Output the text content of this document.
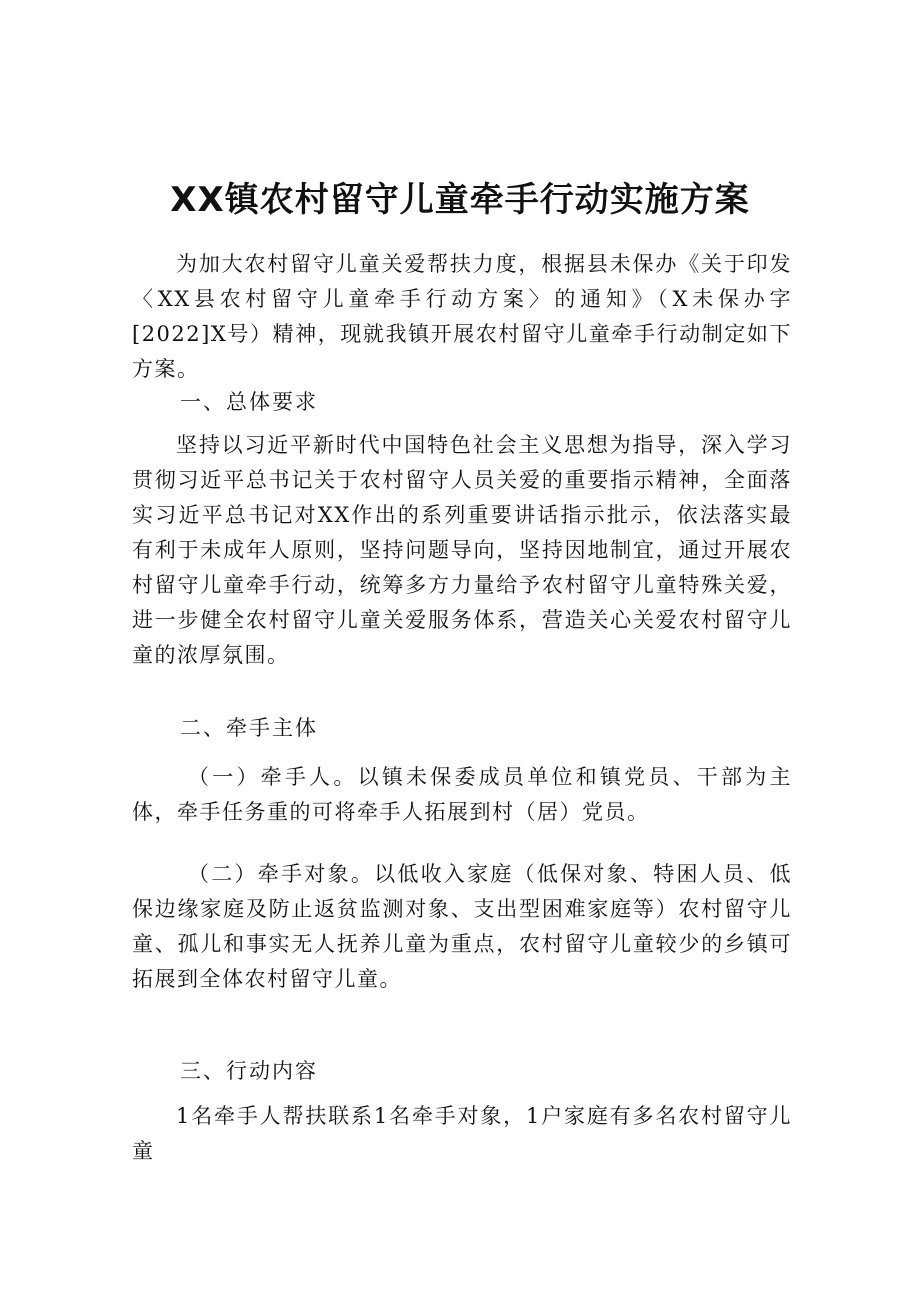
XX镇农村留守儿童牵手行动实施方案

为加大农村留守儿童关爱帮扶力度，根据县未保办《关于印发〈XX县农村留守儿童牵手行动方案〉的通知》（X未保办字[2022]X号）精神，现就我镇开展农村留守儿童牵手行动制定如下方案。

一、总体要求

坚持以习近平新时代中国特色社会主义思想为指导，深入学习贯彻习近平总书记关于农村留守人员关爱的重要指示精神，全面落实习近平总书记对XX作出的系列重要讲话指示批示，依法落实最有利于未成年人原则，坚持问题导向，坚持因地制宜，通过开展农村留守儿童牵手行动，统筹多方力量给予农村留守儿童特殊关爱，进一步健全农村留守儿童关爱服务体系，营造关心关爱农村留守儿童的浓厚氛围。

二、牵手主体

（一）牵手人。以镇未保委成员单位和镇党员、干部为主体，牵手任务重的可将牵手人拓展到村（居）党员。

（二）牵手对象。以低收入家庭（低保对象、特困人员、低保边缘家庭及防止返贫监测对象、支出型困难家庭等）农村留守儿童、孤儿和事实无人抚养儿童为重点，农村留守儿童较少的乡镇可拓展到全体农村留守儿童。

三、行动内容

1名牵手人帮扶联系1名牵手对象，1户家庭有多名农村留守儿童
